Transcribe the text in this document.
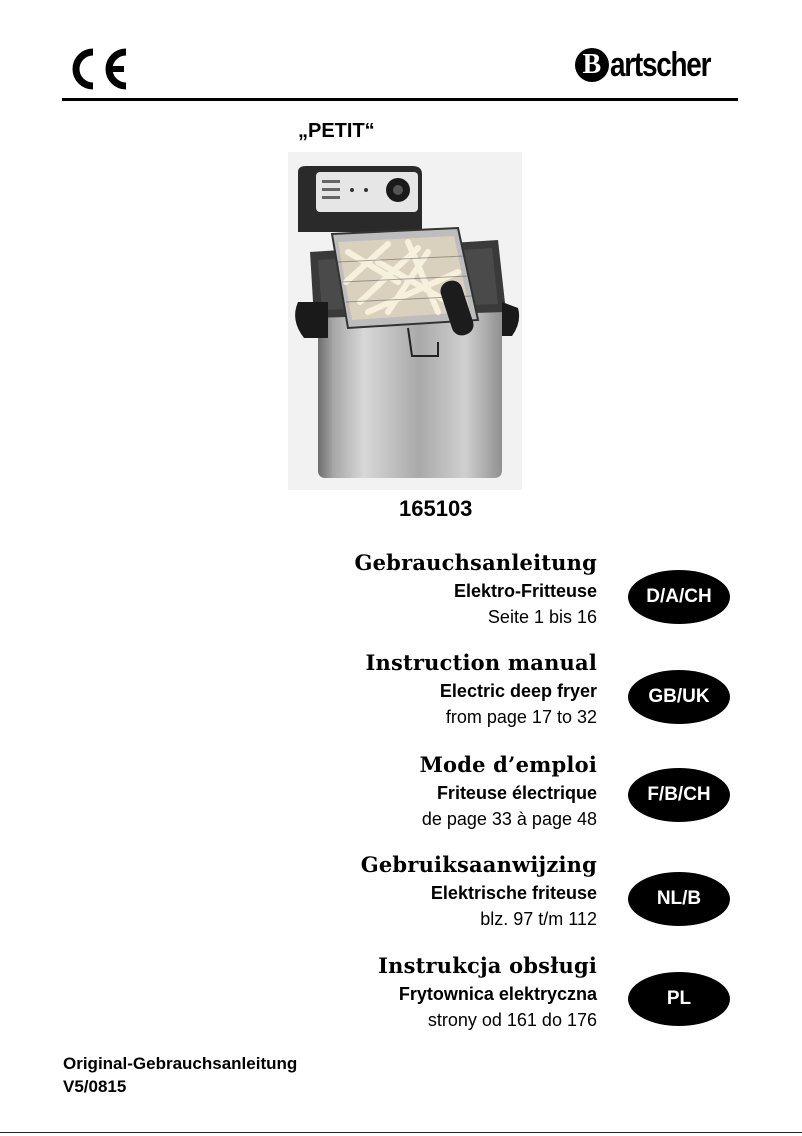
B artscher
„PETIT“
165103
Gebrauchsanleitung
Elektro-Fritteuse
Seite 1 bis 16
D/A/CH
Instruction manual
Electric deep fryer
from page 17 to 32
GB/UK
Mode d’emploi
Friteuse électrique
de page 33 à page 48
F/B/CH
Gebruiksaanwijzing
Elektrische friteuse
blz. 97 t/m 112
NL/B
Instrukcja obsługi
Frytownica elektryczna
strony od 161 do 176
PL
Original-Gebrauchsanleitung
V5/0815
